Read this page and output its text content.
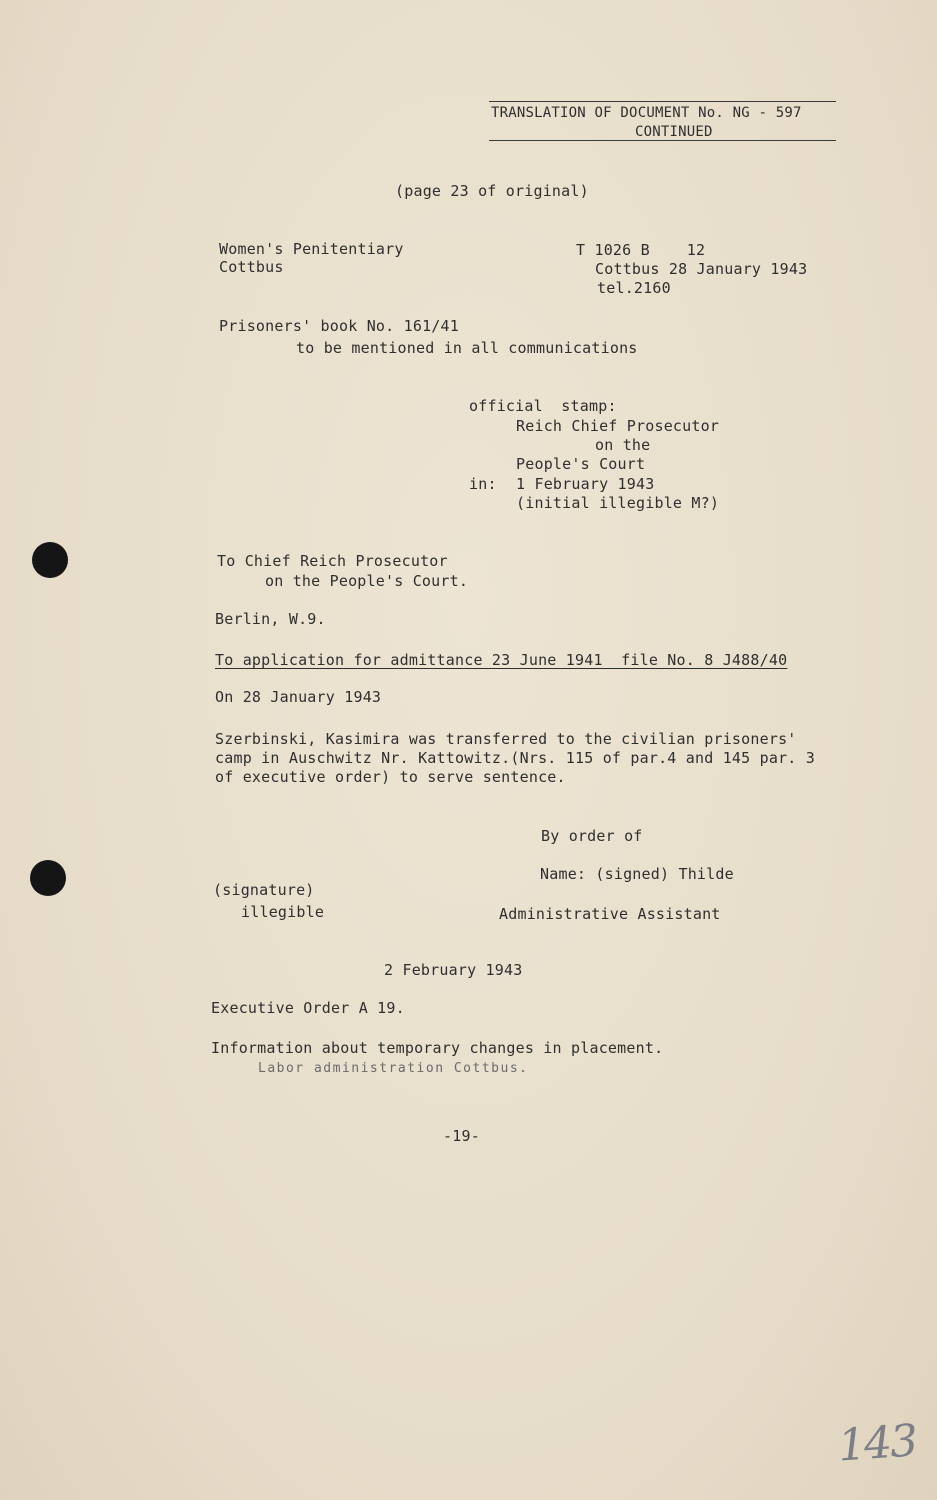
TRANSLATION OF DOCUMENT No. NG - 597
CONTINUED
(page 23 of original)
Women's Penitentiary
Cottbus
T 1026 B    12
Cottbus 28 January 1943
tel.2160
Prisoners' book No. 161/41
to be mentioned in all communications
official  stamp:
Reich Chief Prosecutor
on the
People's Court
in: 1 February 1943
(initial illegible M?)
To Chief Reich Prosecutor
on the People's Court.
Berlin, W.9.
To application for admittance 23 June 1941  file No. 8 J488/40
On 28 January 1943
Szerbinski, Kasimira was transferred to the civilian prisoners'
camp in Auschwitz Nr. Kattowitz.(Nrs. 115 of par.4 and 145 par. 3
of executive order) to serve sentence.
By order of
Name: (signed) Thilde
(signature)
illegible	Administrative Assistant
2 February 1943
Executive Order A 19.
Information about temporary changes in placement.
Labor administration Cottbus.
-19-
143
